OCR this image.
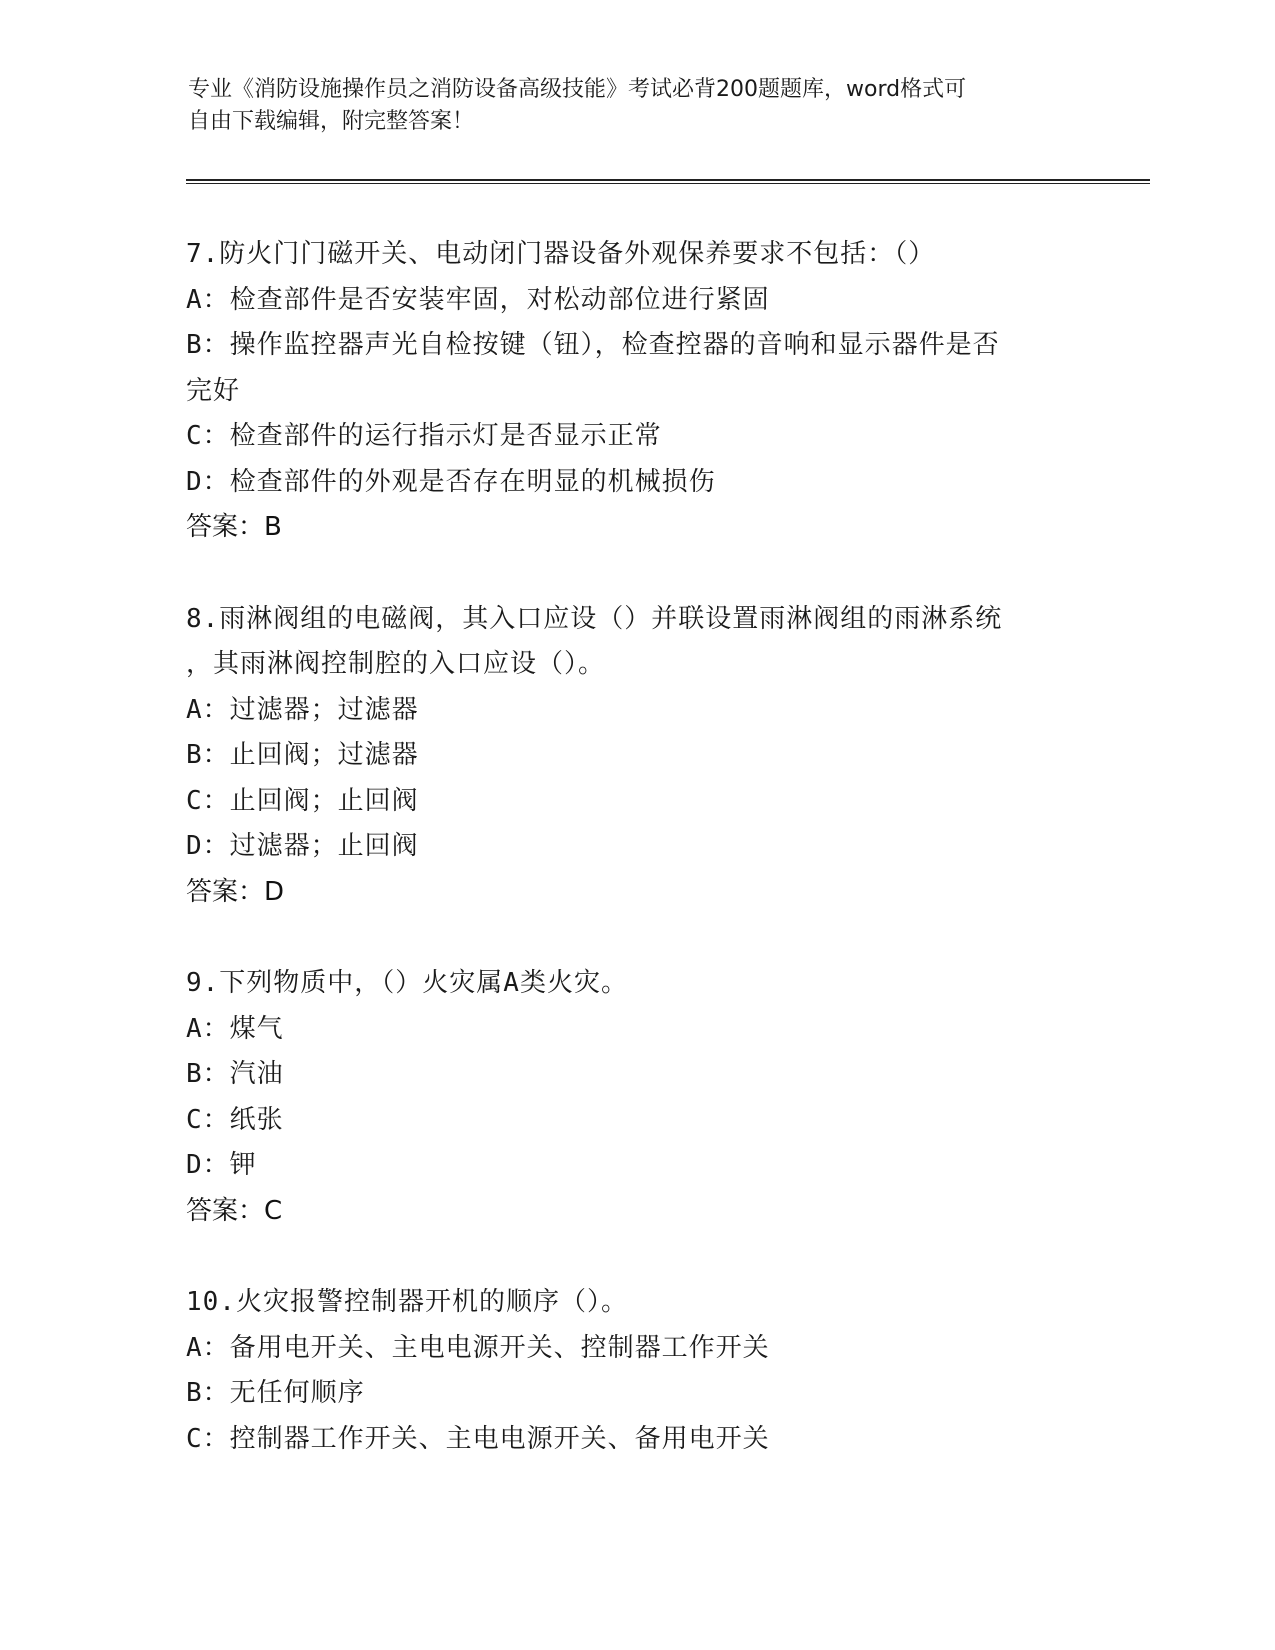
专业《消防设施操作员之消防设备高级技能》考试必背200题题库，word格式可
自由下载编辑，附完整答案！
7.防火门门磁开关、电动闭门器设备外观保养要求不包括：（）
A：检查部件是否安装牢固，对松动部位进行紧固
B：操作监控器声光自检按键（钮），检查控器的音响和显示器件是否
完好
C：检查部件的运行指示灯是否显示正常
D：检查部件的外观是否存在明显的机械损伤
答案：B
8.雨淋阀组的电磁阀，其入口应设（）并联设置雨淋阀组的雨淋系统
，其雨淋阀控制腔的入口应设（）。
A：过滤器；过滤器
B：止回阀；过滤器
C：止回阀；止回阀
D：过滤器；止回阀
答案：D
9.下列物质中，（）火灾属A类火灾。
A：煤气
B：汽油
C：纸张
D：钾
答案：C
10.火灾报警控制器开机的顺序（）。
A：备用电开关、主电电源开关、控制器工作开关
B：无任何顺序
C：控制器工作开关、主电电源开关、备用电开关
